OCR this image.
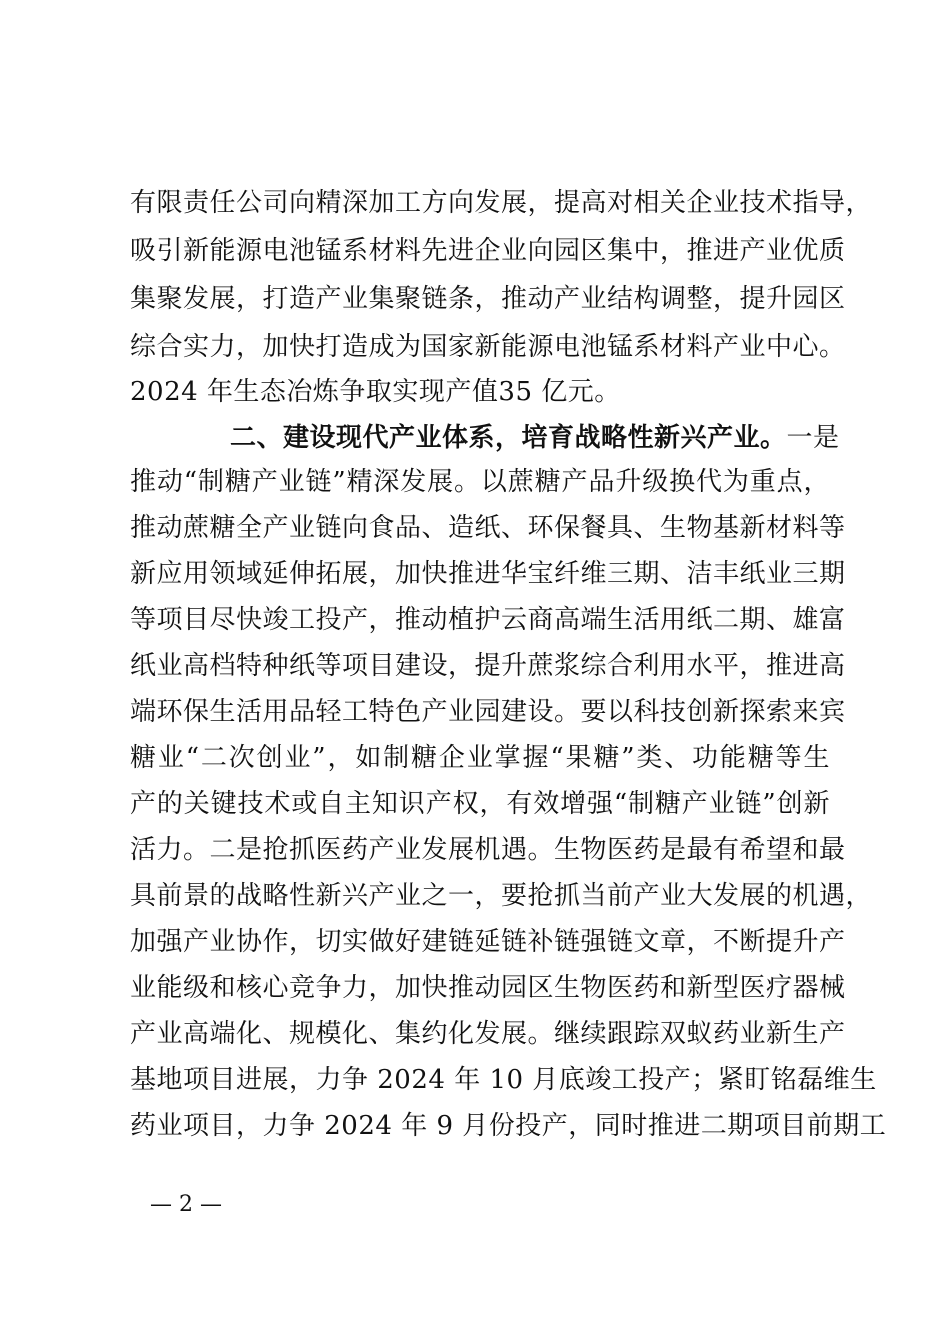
有限责任公司向精深加工方向发展，提高对相关企业技术指导，
吸引新能源电池锰系材料先进企业向园区集中，推进产业优质
集聚发展，打造产业集聚链条，推动产业结构调整，提升园区
综合实力，加快打造成为国家新能源电池锰系材料产业中心。
2024 年生态冶炼争取实现产值35 亿元。
二、建设现代产业体系，培育战略性新兴产业。一是
推动“制糖产业链”精深发展。以蔗糖产品升级换代为重点，
推动蔗糖全产业链向食品、造纸、环保餐具、生物基新材料等
新应用领域延伸拓展，加快推进华宝纤维三期、洁丰纸业三期
等项目尽快竣工投产，推动植护云商高端生活用纸二期、雄富
纸业高档特种纸等项目建设，提升蔗浆综合利用水平，推进高
端环保生活用品轻工特色产业园建设。要以科技创新探索来宾
糖业“二次创业”，如制糖企业掌握“果糖”类、功能糖等生
产的关键技术或自主知识产权，有效增强“制糖产业链”创新
活力。二是抢抓医药产业发展机遇。生物医药是最有希望和最
具前景的战略性新兴产业之一，要抢抓当前产业大发展的机遇，
加强产业协作，切实做好建链延链补链强链文章，不断提升产
业能级和核心竞争力，加快推动园区生物医药和新型医疗器械
产业高端化、规模化、集约化发展。继续跟踪双蚁药业新生产
基地项目进展，力争 2024 年 10 月底竣工投产；紧盯铭磊维生
药业项目，力争 2024 年 9 月份投产，同时推进二期项目前期工
— 2 —
